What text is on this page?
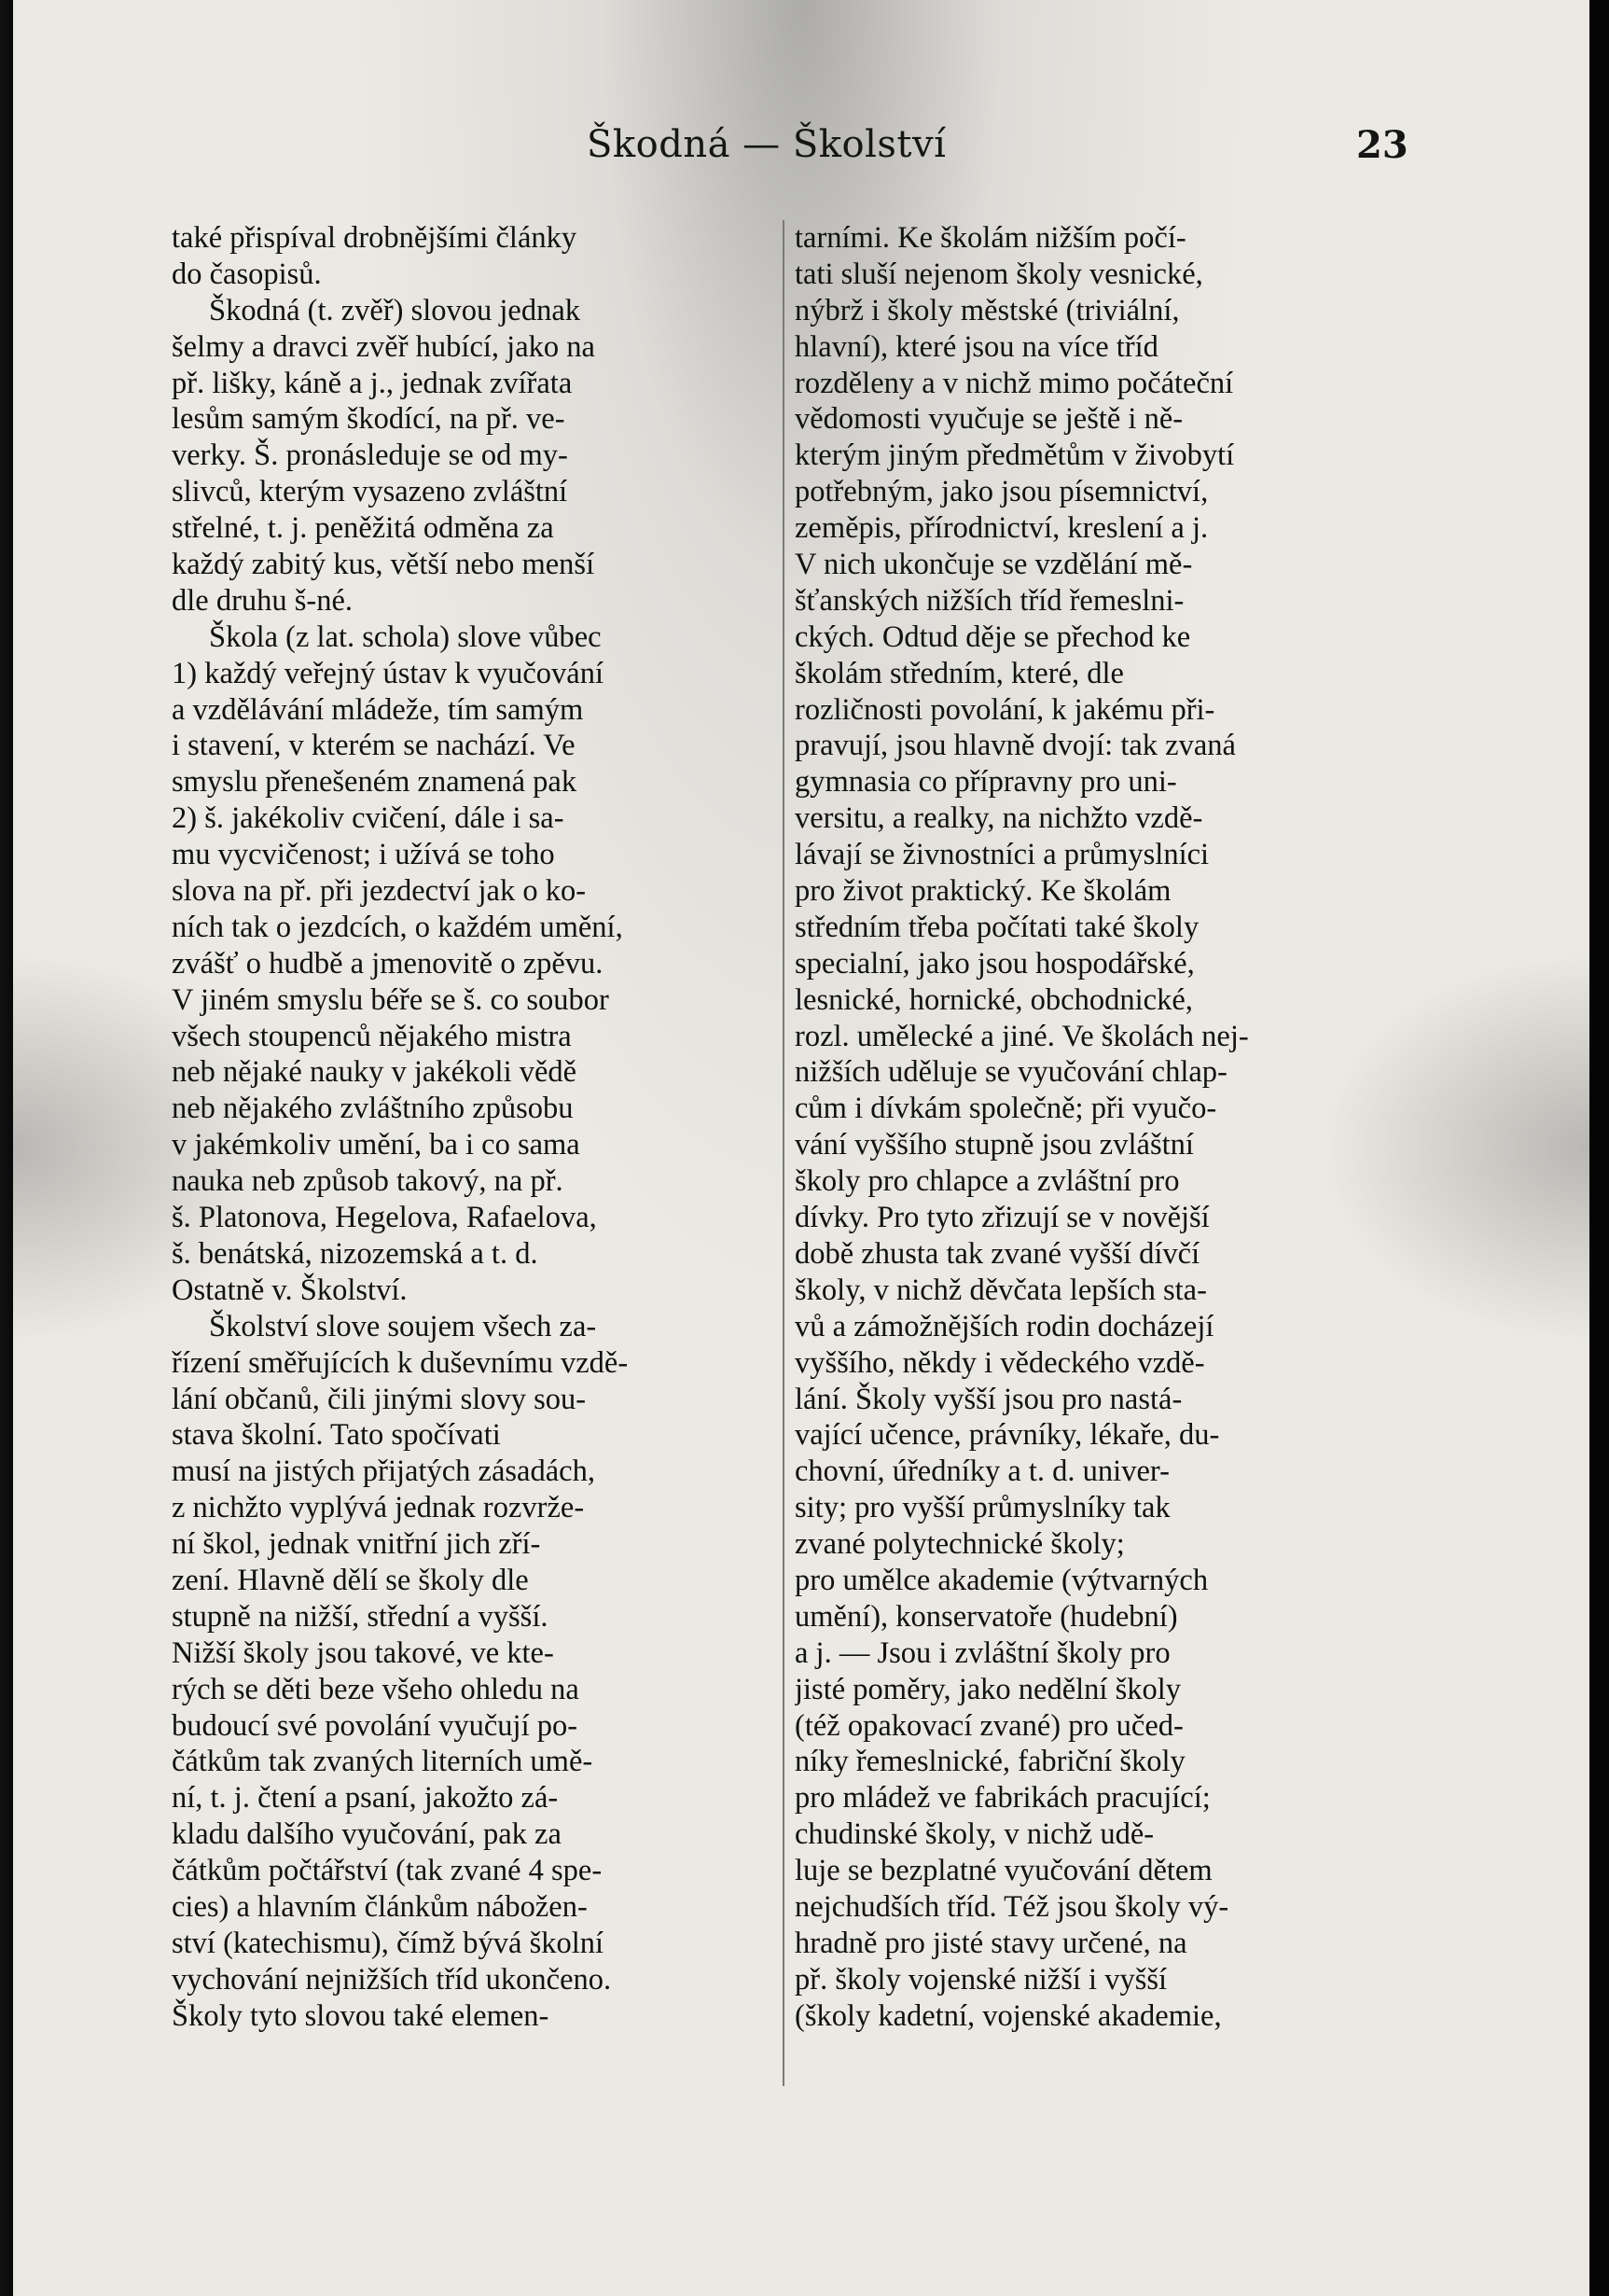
Škodná — Školství	23
také přispíval drobnějšími články
do časopisů.
Škodná (t. zvěř) slovou jednak
šelmy a dravci zvěř hubící, jako na
př. lišky, káně a j., jednak zvířata
lesům samým škodící, na př. ve-
verky. Š. pronásleduje se od my-
slivců, kterým vysazeno zvláštní
střelné, t. j. peněžitá odměna za
každý zabitý kus, větší nebo menší
dle druhu š-né.
Škola (z lat. schola) slove vůbec
1) každý veřejný ústav k vyučování
a vzdělávání mládeže, tím samým
i stavení, v kterém se nachází. Ve
smyslu přenešeném znamená pak
2) š. jakékoliv cvičení, dále i sa-
mu vycvičenost; i užívá se toho
slova na př. při jezdectví jak o ko-
ních tak o jezdcích, o každém umění,
zvášť o hudbě a jmenovitě o zpěvu.
V jiném smyslu béře se š. co soubor
všech stoupenců nějakého mistra
neb nějaké nauky v jakékoli vědě
neb nějakého zvláštního způsobu
v jakémkoliv umění, ba i co sama
nauka neb způsob takový, na př.
š. Platonova, Hegelova, Rafaelova,
š. benátská, nizozemská a t. d.
Ostatně v. Školství.
Školství slove soujem všech za-
řízení směřujících k duševnímu vzdě-
lání občanů, čili jinými slovy sou-
stava školní. Tato spočívati
musí na jistých přijatých zásadách,
z nichžto vyplývá jednak rozvrže-
ní škol, jednak vnitřní jich zří-
zení. Hlavně dělí se školy dle
stupně na nižší, střední a vyšší.
Nižší školy jsou takové, ve kte-
rých se děti beze všeho ohledu na
budoucí své povolání vyučují po-
čátkům tak zvaných literních umě-
ní, t. j. čtení a psaní, jakožto zá-
kladu dalšího vyučování, pak za
čátkům počtářství (tak zvané 4 spe-
cies) a hlavním článkům nábožen-
ství (katechismu), čímž bývá školní
vychování nejnižších tříd ukončeno.
Školy tyto slovou také elemen-
tarními. Ke školám nižším počí-
tati sluší nejenom školy vesnické,
nýbrž i školy městské (triviální,
hlavní), které jsou na více tříd
rozděleny a v nichž mimo počáteční
vědomosti vyučuje se ještě i ně-
kterým jiným předmětům v živobytí
potřebným, jako jsou písemnictví,
zeměpis, přírodnictví, kreslení a j.
V nich ukončuje se vzdělání mě-
šťanských nižších tříd řemeslni-
ckých. Odtud děje se přechod ke
školám středním, které, dle
rozličnosti povolání, k jakému při-
pravují, jsou hlavně dvojí: tak zvaná
gymnasia co přípravny pro uni-
versitu, a realky, na nichžto vzdě-
lávají se živnostníci a průmyslníci
pro život praktický. Ke školám
středním třeba počítati také školy
specialní, jako jsou hospodářské,
lesnické, hornické, obchodnické,
rozl. umělecké a jiné. Ve školách nej-
nižších uděluje se vyučování chlap-
cům i dívkám společně; při vyučo-
vání vyššího stupně jsou zvláštní
školy pro chlapce a zvláštní pro
dívky. Pro tyto zřizují se v novější
době zhusta tak zvané vyšší dívčí
školy, v nichž děvčata lepších sta-
vů a zámožnějších rodin docházejí
vyššího, někdy i vědeckého vzdě-
lání. Školy vyšší jsou pro nastá-
vající učence, právníky, lékaře, du-
chovní, úředníky a t. d. univer-
sity; pro vyšší průmyslníky tak
zvané polytechnické školy;
pro umělce akademie (výtvarných
umění), konservatoře (hudební)
a j. — Jsou i zvláštní školy pro
jisté poměry, jako nedělní školy
(též opakovací zvané) pro učed-
níky řemeslnické, fabriční školy
pro mládež ve fabrikách pracující;
chudinské školy, v nichž udě-
luje se bezplatné vyučování dětem
nejchudších tříd. Též jsou školy vý-
hradně pro jisté stavy určené, na
př. školy vojenské nižší i vyšší
(školy kadetní, vojenské akademie,
